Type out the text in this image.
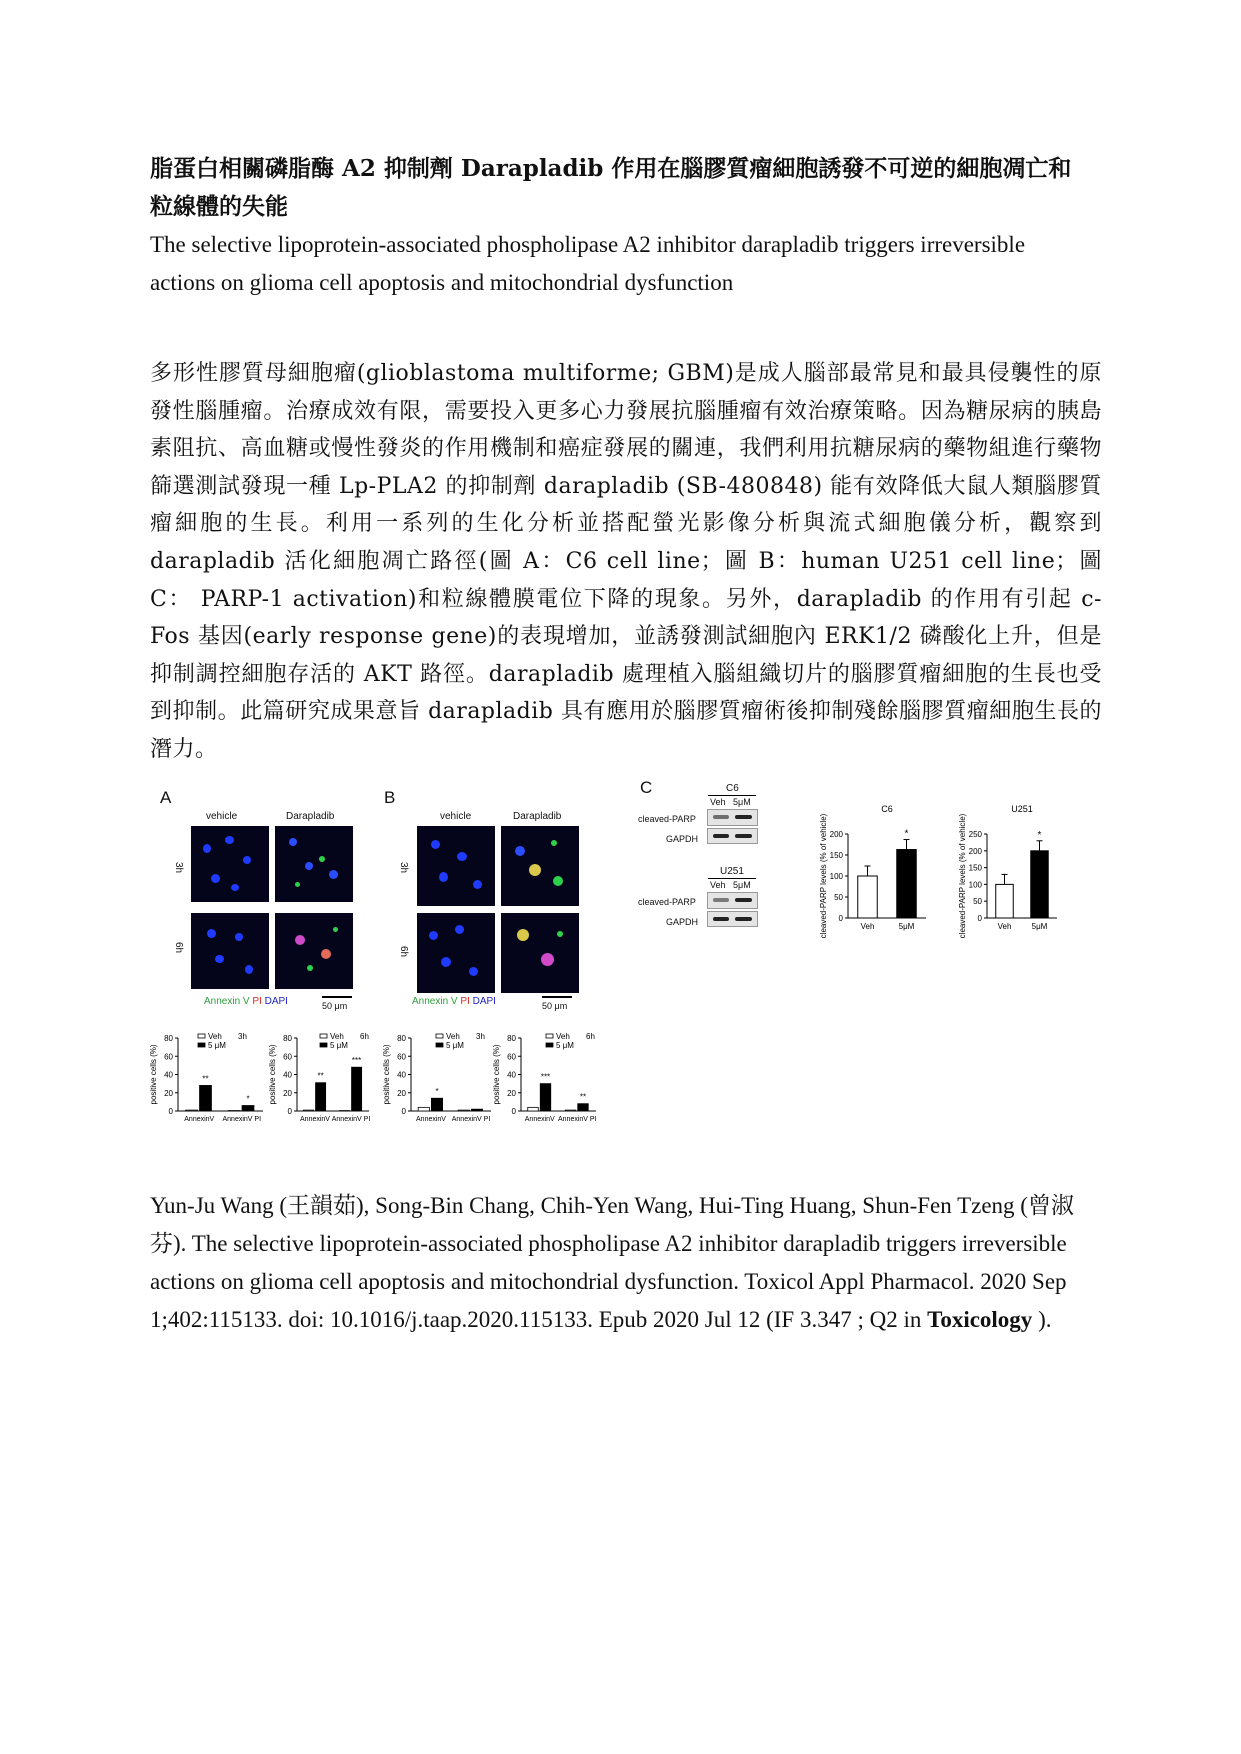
脂蛋白相關磷脂酶 A2 抑制劑 Darapladib 作用在腦膠質瘤細胞誘發不可逆的細胞凋亡和粒線體的失能
The selective lipoprotein-associated phospholipase A2 inhibitor darapladib triggers irreversible actions on glioma cell apoptosis and mitochondrial dysfunction
多形性膠質母細胞瘤(glioblastoma multiforme; GBM)是成人腦部最常見和最具侵襲性的原發性腦腫瘤。治療成效有限，需要投入更多心力發展抗腦腫瘤有效治療策略。因為糖尿病的胰島素阻抗、高血糖或慢性發炎的作用機制和癌症發展的關連，我們利用抗糖尿病的藥物組進行藥物篩選測試發現一種 Lp-PLA2 的抑制劑 darapladib (SB-480848) 能有效降低大鼠人類腦膠質瘤細胞的生長。利用一系列的生化分析並搭配螢光影像分析與流式細胞儀分析，觀察到 darapladib 活化細胞凋亡路徑(圖 A：C6 cell line；圖 B：human U251 cell line；圖 C： PARP-1 activation)和粒線體膜電位下降的現象。另外，darapladib 的作用有引起 c-Fos 基因(early response gene)的表現增加，並誘發測試細胞內 ERK1/2 磷酸化上升，但是抑制調控細胞存活的 AKT 路徑。darapladib 處理植入腦組織切片的腦膠質瘤細胞的生長也受到抑制。此篇研究成果意旨 darapladib 具有應用於腦膠質瘤術後抑制殘餘腦膠質瘤細胞生長的潛力。
A
vehicle	Darapladib
3h
6h
Annexin V PI DAPI	50 μm
B
vehicle	Darapladib
3h
6h
Annexin V PI DAPI	50 μm
C	C6
Veh 5μM
cleaved-PARP
GAPDH
U251
Veh 5μM
cleaved-PARP
GAPDH
0
20
40
60
80
positive cells (%)
Veh
5 μM
3h
**
AnnexinV
*
AnnexinV PI
0
20
40
60
80
positive cells (%)
Veh
5 μM
6h
**
AnnexinV
***
AnnexinV PI
0
20
40
60
80
positive cells (%)
Veh
5 μM
3h
*
AnnexinV AnnexinV PI
0
20
40
60
80
positive cells (%)
Veh
5 μM
6h
***
AnnexinV
**
AnnexinV PI
0
50
100
150
200
cleaved-PARP levels (% of vehicle)
C6
Veh
*
5μM
0
50
100
150
200
250
cleaved-PARP levels (% of vehicle)
U251
Veh
*
5μM
Yun-Ju Wang (王韻茹), Song-Bin Chang, Chih-Yen Wang, Hui-Ting Huang, Shun-Fen Tzeng (曾淑芬). The selective lipoprotein-associated phospholipase A2 inhibitor darapladib triggers irreversible actions on glioma cell apoptosis and mitochondrial dysfunction. Toxicol Appl Pharmacol. 2020 Sep 1;402:115133. doi: 10.1016/j.taap.2020.115133. Epub 2020 Jul 12 (IF 3.347 ; Q2 in Toxicology ).
